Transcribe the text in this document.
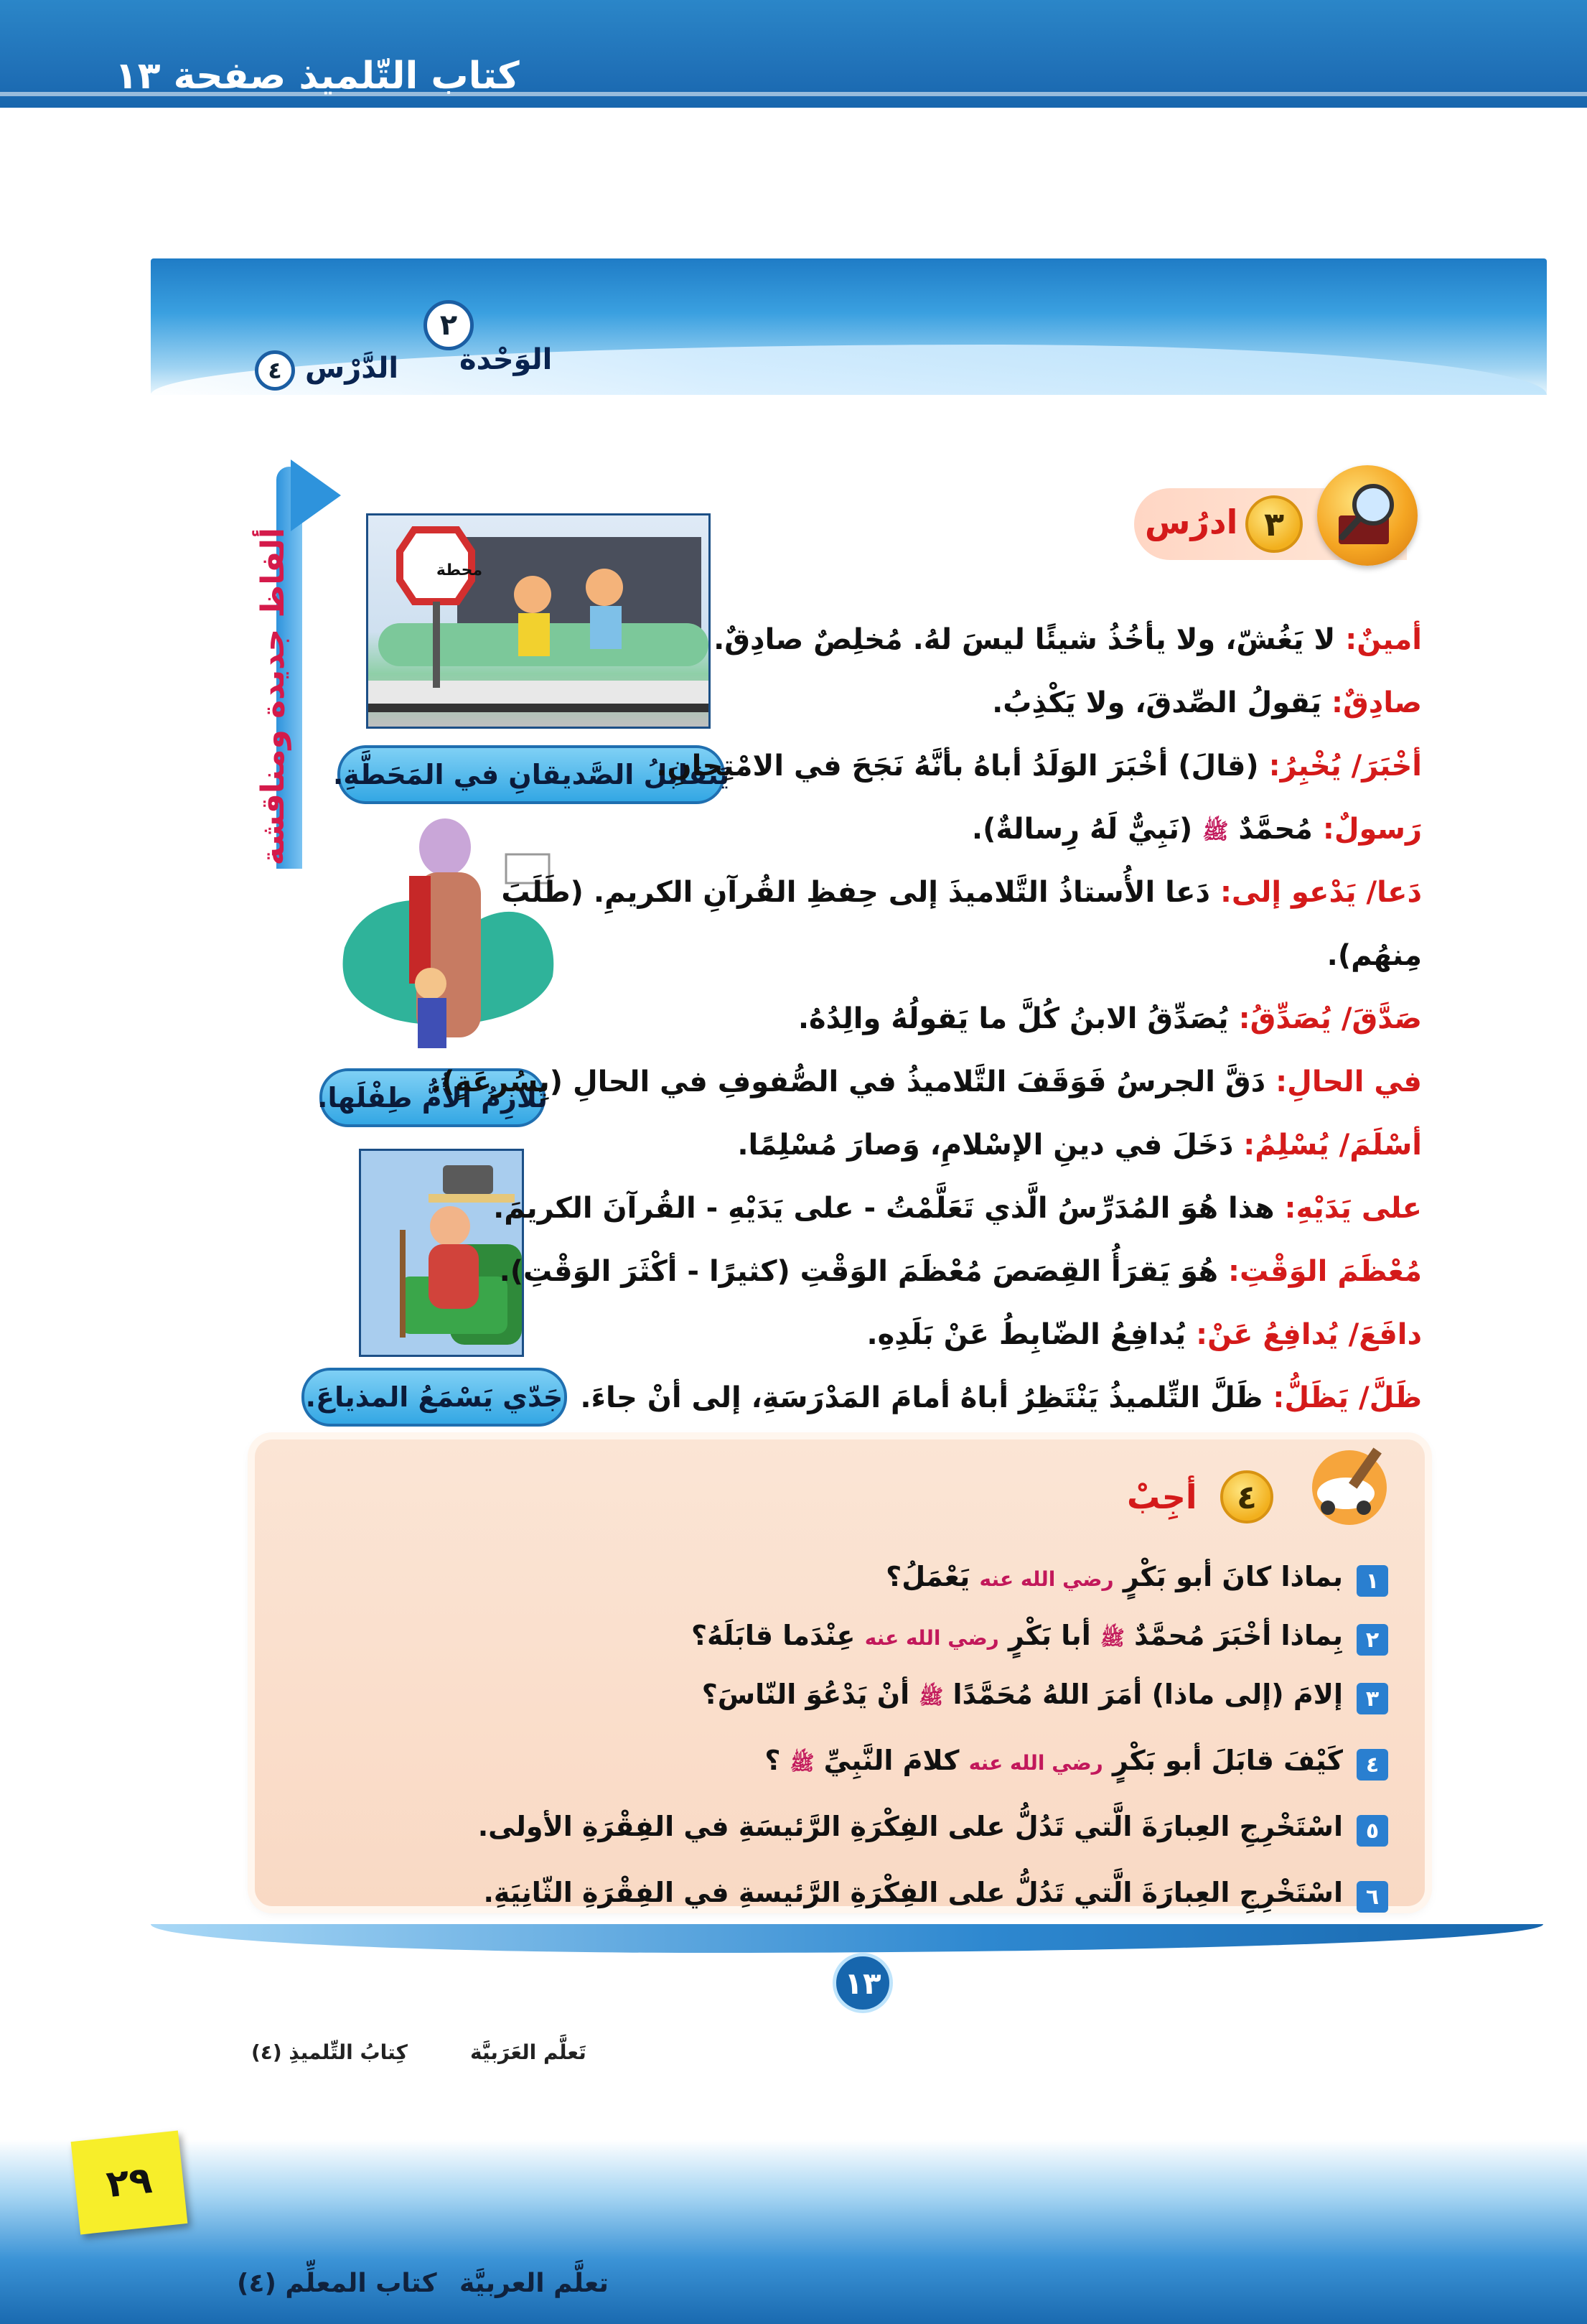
كتاب التّلميذ صفحة ١٣
٢
الوَحْدة
الدَّرْس
٤
ألفاظ جديدة ومناقشة
٣
ادرُس
محطة
يَتَقابَلُ الصَّديقانِ في المَحَطَّةِ.
تُلازِمُ الأُمُّ طِفْلَها.
جَدّي يَسْمَعُ المذياعَ.
أمينٌ: لا يَغُشّ، ولا يأخُذُ شيئًا ليسَ لهُ. مُخلِصٌ صادِقٌ.
صادِقٌ: يَقولُ الصِّدقَ، ولا يَكْذِبُ.
أخْبَرَ/ يُخْبِرُ: (قالَ) أخْبَرَ الوَلَدُ أباهُ بأنَّهُ نَجَحَ في الامْتِحانِ.
رَسولٌ: مُحمَّدٌ ﷺ (نَبِيٌّ لَهُ رِسالةٌ).
دَعا/ يَدْعو إلى: دَعا الأُستاذُ التَّلاميذَ إلى حِفظِ القُرآنِ الكريمِ. (طَلَبَ
مِنهُم).
صَدَّقَ/ يُصَدِّقُ: يُصَدِّقُ الابنُ كُلَّ ما يَقولُهُ والِدُهُ.
في الحالِ: دَقَّ الجرسُ فَوَقَفَ التَّلاميذُ في الصُّفوفِ في الحالِ (بِسُرعَةٍ).
أسْلَمَ/ يُسْلِمُ: دَخَلَ في دينِ الإسْلامِ، وَصارَ مُسْلِمًا.
على يَدَيْهِ: هذا هُوَ المُدَرِّسُ الَّذي تَعَلَّمْتُ - على يَدَيْهِ - القُرآنَ الكريمَ.
مُعْظَمَ الوَقْتِ: هُوَ يَقرَأُ القِصَصَ مُعْظَمَ الوَقْتِ (كثيرًا - أكْثَرَ الوَقْتِ).
دافَعَ/ يُدافِعُ عَنْ: يُدافِعُ الضّابِطُ عَنْ بَلَدِهِ.
ظَلَّ/ يَظَلُّ: ظَلَّ التِّلميذُ يَنْتَظِرُ أباهُ أمامَ المَدْرَسَةِ، إلى أنْ جاءَ.
٤
أجِبْ
١
بماذا كانَ أبو بَكْرٍ رضي الله عنه يَعْمَلُ؟
٢
بِماذا أخْبَرَ مُحمَّدٌ ﷺ أبا بَكْرٍ رضي الله عنه عِنْدَما قابَلَهُ؟
٣
إلامَ (إلى ماذا) أمَرَ اللهُ مُحَمَّدًا ﷺ أنْ يَدْعُوَ النّاسَ؟
٤
كَيْفَ قابَلَ أبو بَكْرٍ رضي الله عنه كلامَ النَّبِيِّ ﷺ ؟
٥
اسْتَخْرِجِ العِبارَةَ الَّتي تَدُلُّ على الفِكْرَةِ الرَّئيسَةِ في الفِقْرَةِ الأولى.
٦
اسْتَخْرِجِ العِبارَةَ الَّتي تَدُلُّ على الفِكْرَةِ الرَّئيسةِ في الفِقْرَةِ الثّانِيَةِ.
١٣
تَعلَّم العَرَبيَّة
كِتابُ التِّلميذِ (٤)
٢٩
تعلَّم العربيَّة
كتاب المعلِّم (٤)
